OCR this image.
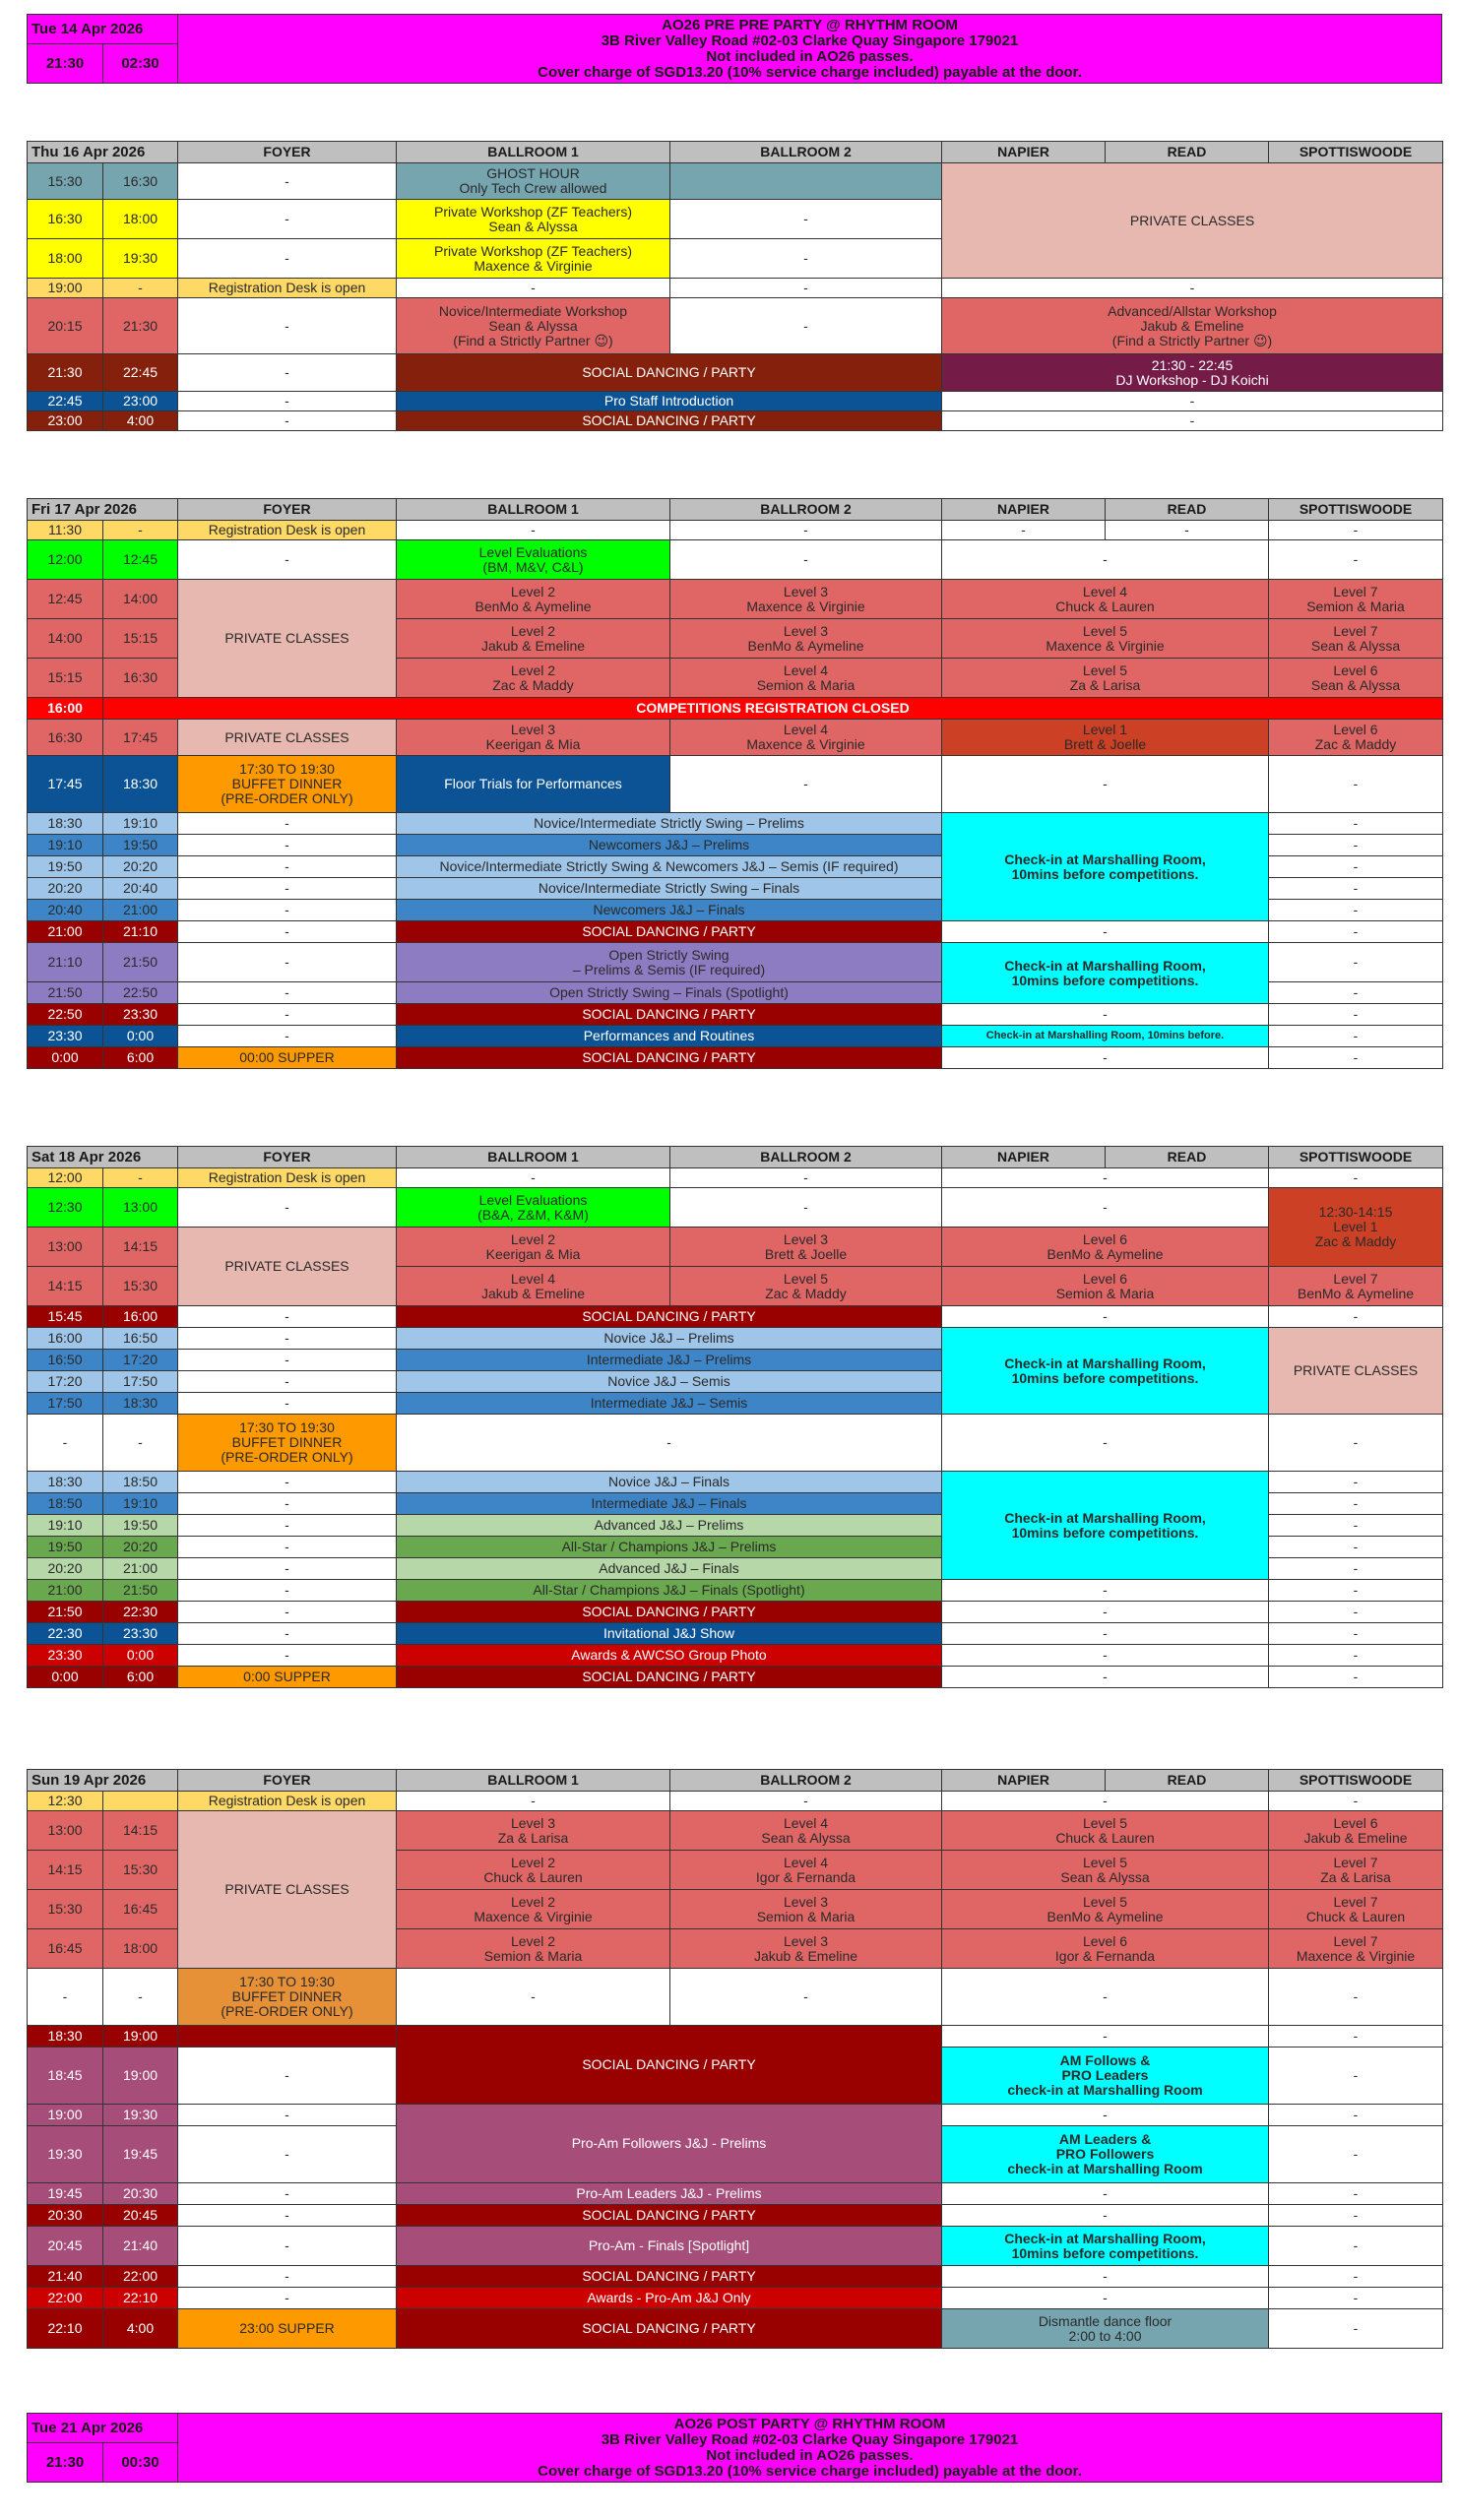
Tue 14 Apr 2026		AO26 PRE PRE PARTY @ RHYTHM ROOM
3B River Valley Road #02-03 Clarke Quay Singapore 179021
Not included in AO26 passes.
Cover charge of SGD13.20 (10% service charge included) payable at the door.
21:30	02:30	
Thu 16 Apr 2026		FOYER	BALLROOM 1	BALLROOM 2	NAPIER	READ	SPOTTISWOODE
15:30	16:30	-	GHOST HOUR
Only Tech Crew allowed		PRIVATE CLASSES		
16:30	18:00	-	Private Workshop (ZF Teachers)
Sean & Alyssa	-			
18:00	19:30	-	Private Workshop (ZF Teachers)
Maxence & Virginie	-			
19:00	-	Registration Desk is open	-	-	-		
20:15	21:30	-	Novice/Intermediate Workshop
Sean & Alyssa
(Find a Strictly Partner 😉)	-	Advanced/Allstar Workshop
Jakub & Emeline
(Find a Strictly Partner 😉)		
21:30	22:45	-	SOCIAL DANCING / PARTY		21:30 - 22:45
DJ Workshop - DJ Koichi		
22:45	23:00	-	Pro Staff Introduction		-		
23:00	4:00	-	SOCIAL DANCING / PARTY		-		
Fri 17 Apr 2026		FOYER	BALLROOM 1	BALLROOM 2	NAPIER	READ	SPOTTISWOODE
11:30	-	Registration Desk is open	-	-	-	-	-
12:00	12:45	-	Level Evaluations
(BM, M&V, C&L)	-	-		-
12:45	14:00	PRIVATE CLASSES	Level 2
BenMo & Aymeline	Level 3
Maxence & Virginie	Level 4
Chuck & Lauren		Level 7
Semion & Maria
14:00	15:15		Level 2
Jakub & Emeline	Level 3
BenMo & Aymeline	Level 5
Maxence & Virginie		Level 7
Sean & Alyssa
15:15	16:30		Level 2
Zac & Maddy	Level 4
Semion & Maria	Level 5
Za & Larisa		Level 6
Sean & Alyssa
16:00	COMPETITIONS REGISTRATION CLOSED						
16:30	17:45	PRIVATE CLASSES	Level 3
Keerigan & Mia	Level 4
Maxence & Virginie	Level 1
Brett & Joelle		Level 6
Zac & Maddy
17:45	18:30	17:30 TO 19:30
BUFFET DINNER
(PRE-ORDER ONLY)	Floor Trials for Performances	-	-		-
18:30	19:10	-	Novice/Intermediate Strictly Swing – Prelims		Check-in at Marshalling Room,
10mins before competitions.		-
19:10	19:50	-	Newcomers J&J – Prelims				-
19:50	20:20	-	Novice/Intermediate Strictly Swing & Newcomers J&J – Semis (IF required)				-
20:20	20:40	-	Novice/Intermediate Strictly Swing – Finals				-
20:40	21:00	-	Newcomers J&J – Finals				-
21:00	21:10	-	SOCIAL DANCING / PARTY		-		-
21:10	21:50	-	Open Strictly Swing
– Prelims & Semis (IF required)		Check-in at Marshalling Room,
10mins before competitions.		-
21:50	22:50	-	Open Strictly Swing – Finals (Spotlight)				-
22:50	23:30	-	SOCIAL DANCING / PARTY		-		-
23:30	0:00	-	Performances and Routines		Check-in at Marshalling Room, 10mins before.		-
0:00	6:00	00:00 SUPPER	SOCIAL DANCING / PARTY		-		-
Sat 18 Apr 2026		FOYER	BALLROOM 1	BALLROOM 2	NAPIER	READ	SPOTTISWOODE
12:00	-	Registration Desk is open	-	-	-		-
12:30	13:00	-	Level Evaluations
(B&A, Z&M, K&M)	-	-		12:30-14:15
Level 1
Zac & Maddy
13:00	14:15	PRIVATE CLASSES	Level 2
Keerigan & Mia	Level 3
Brett & Joelle	Level 6
BenMo & Aymeline		
14:15	15:30		Level 4
Jakub & Emeline	Level 5
Zac & Maddy	Level 6
Semion & Maria		Level 7
BenMo & Aymeline
15:45	16:00	-	SOCIAL DANCING / PARTY		-		-
16:00	16:50	-	Novice J&J – Prelims		Check-in at Marshalling Room,
10mins before competitions.		PRIVATE CLASSES
16:50	17:20	-	Intermediate J&J – Prelims				
17:20	17:50	-	Novice J&J – Semis				
17:50	18:30	-	Intermediate J&J – Semis				
-	-	17:30 TO 19:30
BUFFET DINNER
(PRE-ORDER ONLY)	-		-		-
18:30	18:50	-	Novice J&J – Finals		Check-in at Marshalling Room,
10mins before competitions.		-
18:50	19:10	-	Intermediate J&J – Finals				-
19:10	19:50	-	Advanced J&J – Prelims				-
19:50	20:20	-	All-Star / Champions J&J – Prelims				-
20:20	21:00	-	Advanced J&J – Finals				-
21:00	21:50	-	All-Star / Champions J&J – Finals (Spotlight)		-		-
21:50	22:30	-	SOCIAL DANCING / PARTY		-		-
22:30	23:30	-	Invitational J&J Show		-		-
23:30	0:00	-	Awards & AWCSO Group Photo		-		-
0:00	6:00	0:00 SUPPER	SOCIAL DANCING / PARTY		-		-
Sun 19 Apr 2026		FOYER	BALLROOM 1	BALLROOM 2	NAPIER	READ	SPOTTISWOODE
12:30		Registration Desk is open	-	-	-		-
13:00	14:15	PRIVATE CLASSES	Level 3
Za & Larisa	Level 4
Sean & Alyssa	Level 5
Chuck & Lauren		Level 6
Jakub & Emeline
14:15	15:30		Level 2
Chuck & Lauren	Level 4
Igor & Fernanda	Level 5
Sean & Alyssa		Level 7
Za & Larisa
15:30	16:45		Level 2
Maxence & Virginie	Level 3
Semion & Maria	Level 5
BenMo & Aymeline		Level 7
Chuck & Lauren
16:45	18:00		Level 2
Semion & Maria	Level 3
Jakub & Emeline	Level 6
Igor & Fernanda		Level 7
Maxence & Virginie
-	-	17:30 TO 19:30
BUFFET DINNER
(PRE-ORDER ONLY)	-	-	-		-
18:30	19:00		SOCIAL DANCING / PARTY		-		-
18:45	19:00	-			AM Follows &
PRO Leaders
check-in at Marshalling Room		-
19:00	19:30	-	Pro-Am Followers J&J - Prelims		-		-
19:30	19:45	-			AM Leaders &
PRO Followers
check-in at Marshalling Room		-
19:45	20:30	-	Pro-Am Leaders J&J - Prelims		-		-
20:30	20:45	-	SOCIAL DANCING / PARTY		-		-
20:45	21:40	-	Pro-Am - Finals [Spotlight]		Check-in at Marshalling Room,
10mins before competitions.		-
21:40	22:00	-	SOCIAL DANCING / PARTY		-		-
22:00	22:10	-	Awards - Pro-Am J&J Only		-		-
22:10	4:00	23:00 SUPPER	SOCIAL DANCING / PARTY		Dismantle dance floor
2:00 to 4:00		-
Tue 21 Apr 2026		AO26 POST PARTY @ RHYTHM ROOM
3B River Valley Road #02-03 Clarke Quay Singapore 179021
Not included in AO26 passes.
Cover charge of SGD13.20 (10% service charge included) payable at the door.
21:30	00:30	
